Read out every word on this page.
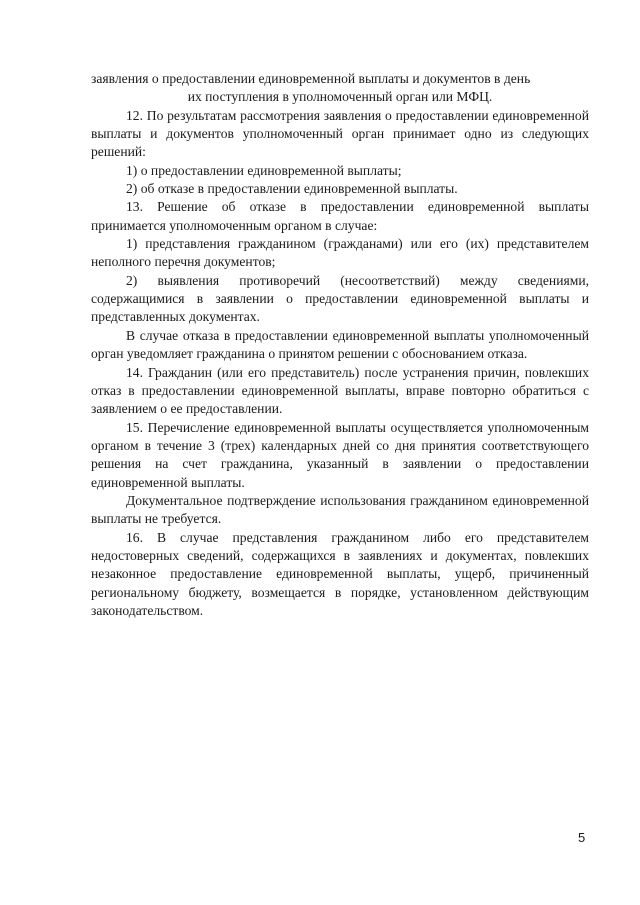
заявления о предоставлении единовременной выплаты и документов в день

их поступления в уполномоченный орган или МФЦ.

12. По результатам рассмотрения заявления о предоставлении единовременной выплаты и документов уполномоченный орган принимает одно из следующих решений:

1) о предоставлении единовременной выплаты;

2) об отказе в предоставлении единовременной выплаты.

13. Решение об отказе в предоставлении единовременной выплаты принимается уполномоченным органом в случае:

1) представления гражданином (гражданами) или его (их) представителем неполного перечня документов;

2) выявления противоречий (несоответствий) между сведениями, содержащимися в заявлении о предоставлении единовременной выплаты и представленных документах.

В случае отказа в предоставлении единовременной выплаты уполномоченный орган уведомляет гражданина о принятом решении с обоснованием отказа.

14. Гражданин (или его представитель) после устранения причин, повлекших отказ в предоставлении единовременной выплаты, вправе повторно обратиться с заявлением о ее предоставлении.

15. Перечисление единовременной выплаты осуществляется уполномоченным органом в течение 3 (трех) календарных дней со дня принятия соответствующего решения на счет гражданина, указанный в заявлении о предоставлении единовременной выплаты.

Документальное подтверждение использования гражданином единовременной выплаты не требуется.

16. В случае представления гражданином либо его представителем недостоверных сведений, содержащихся в заявлениях и документах, повлекших незаконное предоставление единовременной выплаты, ущерб, причиненный региональному бюджету, возмещается в порядке, установленном действующим законодательством.

5
